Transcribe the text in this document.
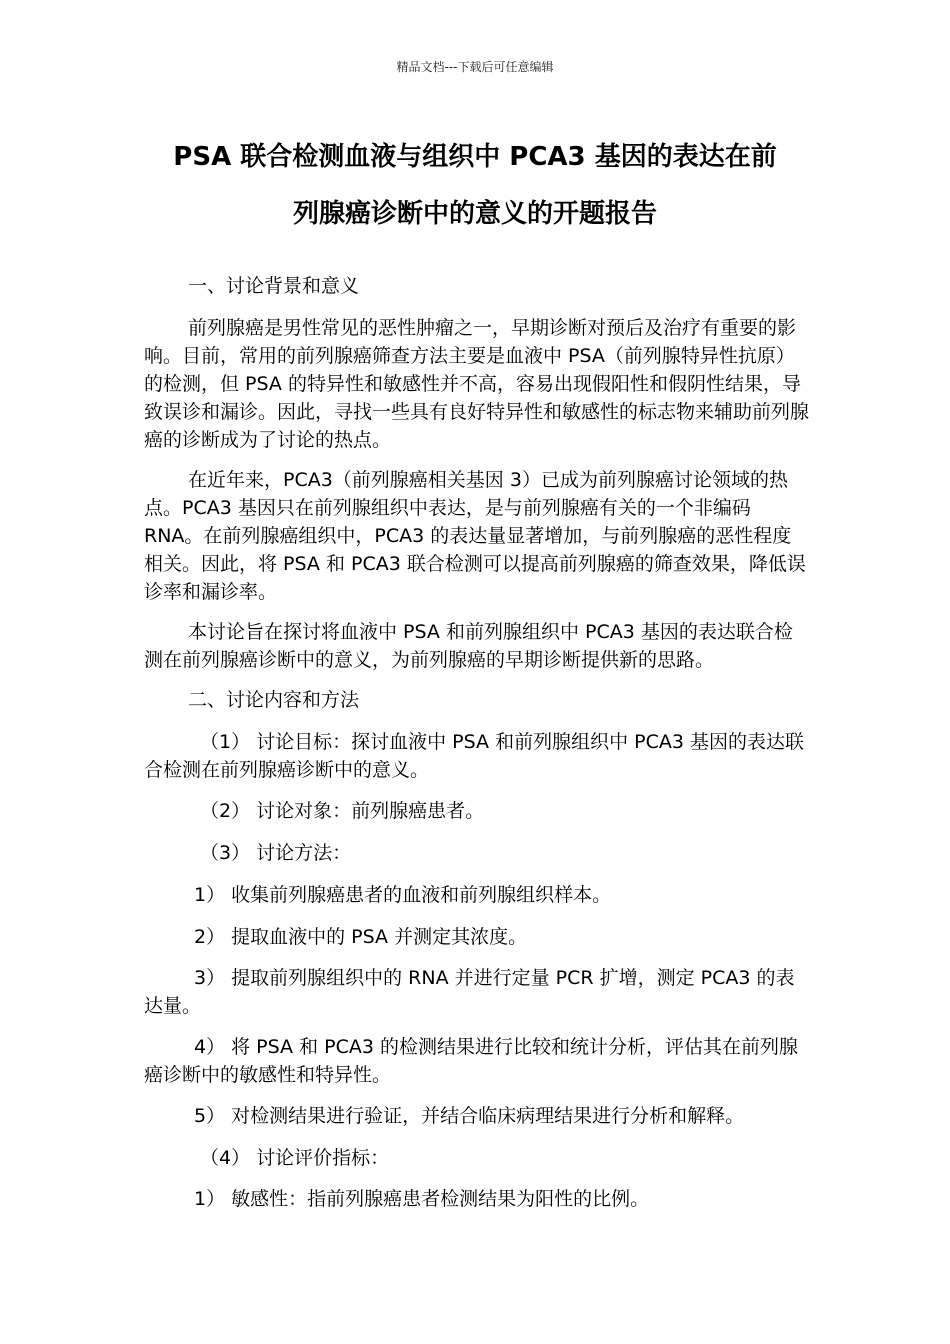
精品文档---下载后可任意编辑
PSA 联合检测血液与组织中 PCA3 基因的表达在前
列腺癌诊断中的意义的开题报告

一、讨论背景和意义

前列腺癌是男性常见的恶性肿瘤之一，早期诊断对预后及治疗有重要的影响。目前，常用的前列腺癌筛查方法主要是血液中 PSA（前列腺特异性抗原）的检测，但 PSA 的特异性和敏感性并不高，容易出现假阳性和假阴性结果，导致误诊和漏诊。因此，寻找一些具有良好特异性和敏感性的标志物来辅助前列腺癌的诊断成为了讨论的热点。

在近年来，PCA3（前列腺癌相关基因 3）已成为前列腺癌讨论领域的热点。PCA3 基因只在前列腺组织中表达，是与前列腺癌有关的一个非编码 RNA。在前列腺癌组织中，PCA3 的表达量显著增加，与前列腺癌的恶性程度相关。因此，将 PSA 和 PCA3 联合检测可以提高前列腺癌的筛查效果，降低误诊率和漏诊率。

本讨论旨在探讨将血液中 PSA 和前列腺组织中 PCA3 基因的表达联合检测在前列腺癌诊断中的意义，为前列腺癌的早期诊断提供新的思路。

二、讨论内容和方法

（1） 讨论目标：探讨血液中 PSA 和前列腺组织中 PCA3 基因的表达联合检测在前列腺癌诊断中的意义。

（2） 讨论对象：前列腺癌患者。

（3） 讨论方法：

1） 收集前列腺癌患者的血液和前列腺组织样本。

2） 提取血液中的 PSA 并测定其浓度。

3） 提取前列腺组织中的 RNA 并进行定量 PCR 扩增，测定 PCA3 的表达量。

4） 将 PSA 和 PCA3 的检测结果进行比较和统计分析，评估其在前列腺癌诊断中的敏感性和特异性。

5） 对检测结果进行验证，并结合临床病理结果进行分析和解释。

（4） 讨论评价指标：

1） 敏感性：指前列腺癌患者检测结果为阳性的比例。
